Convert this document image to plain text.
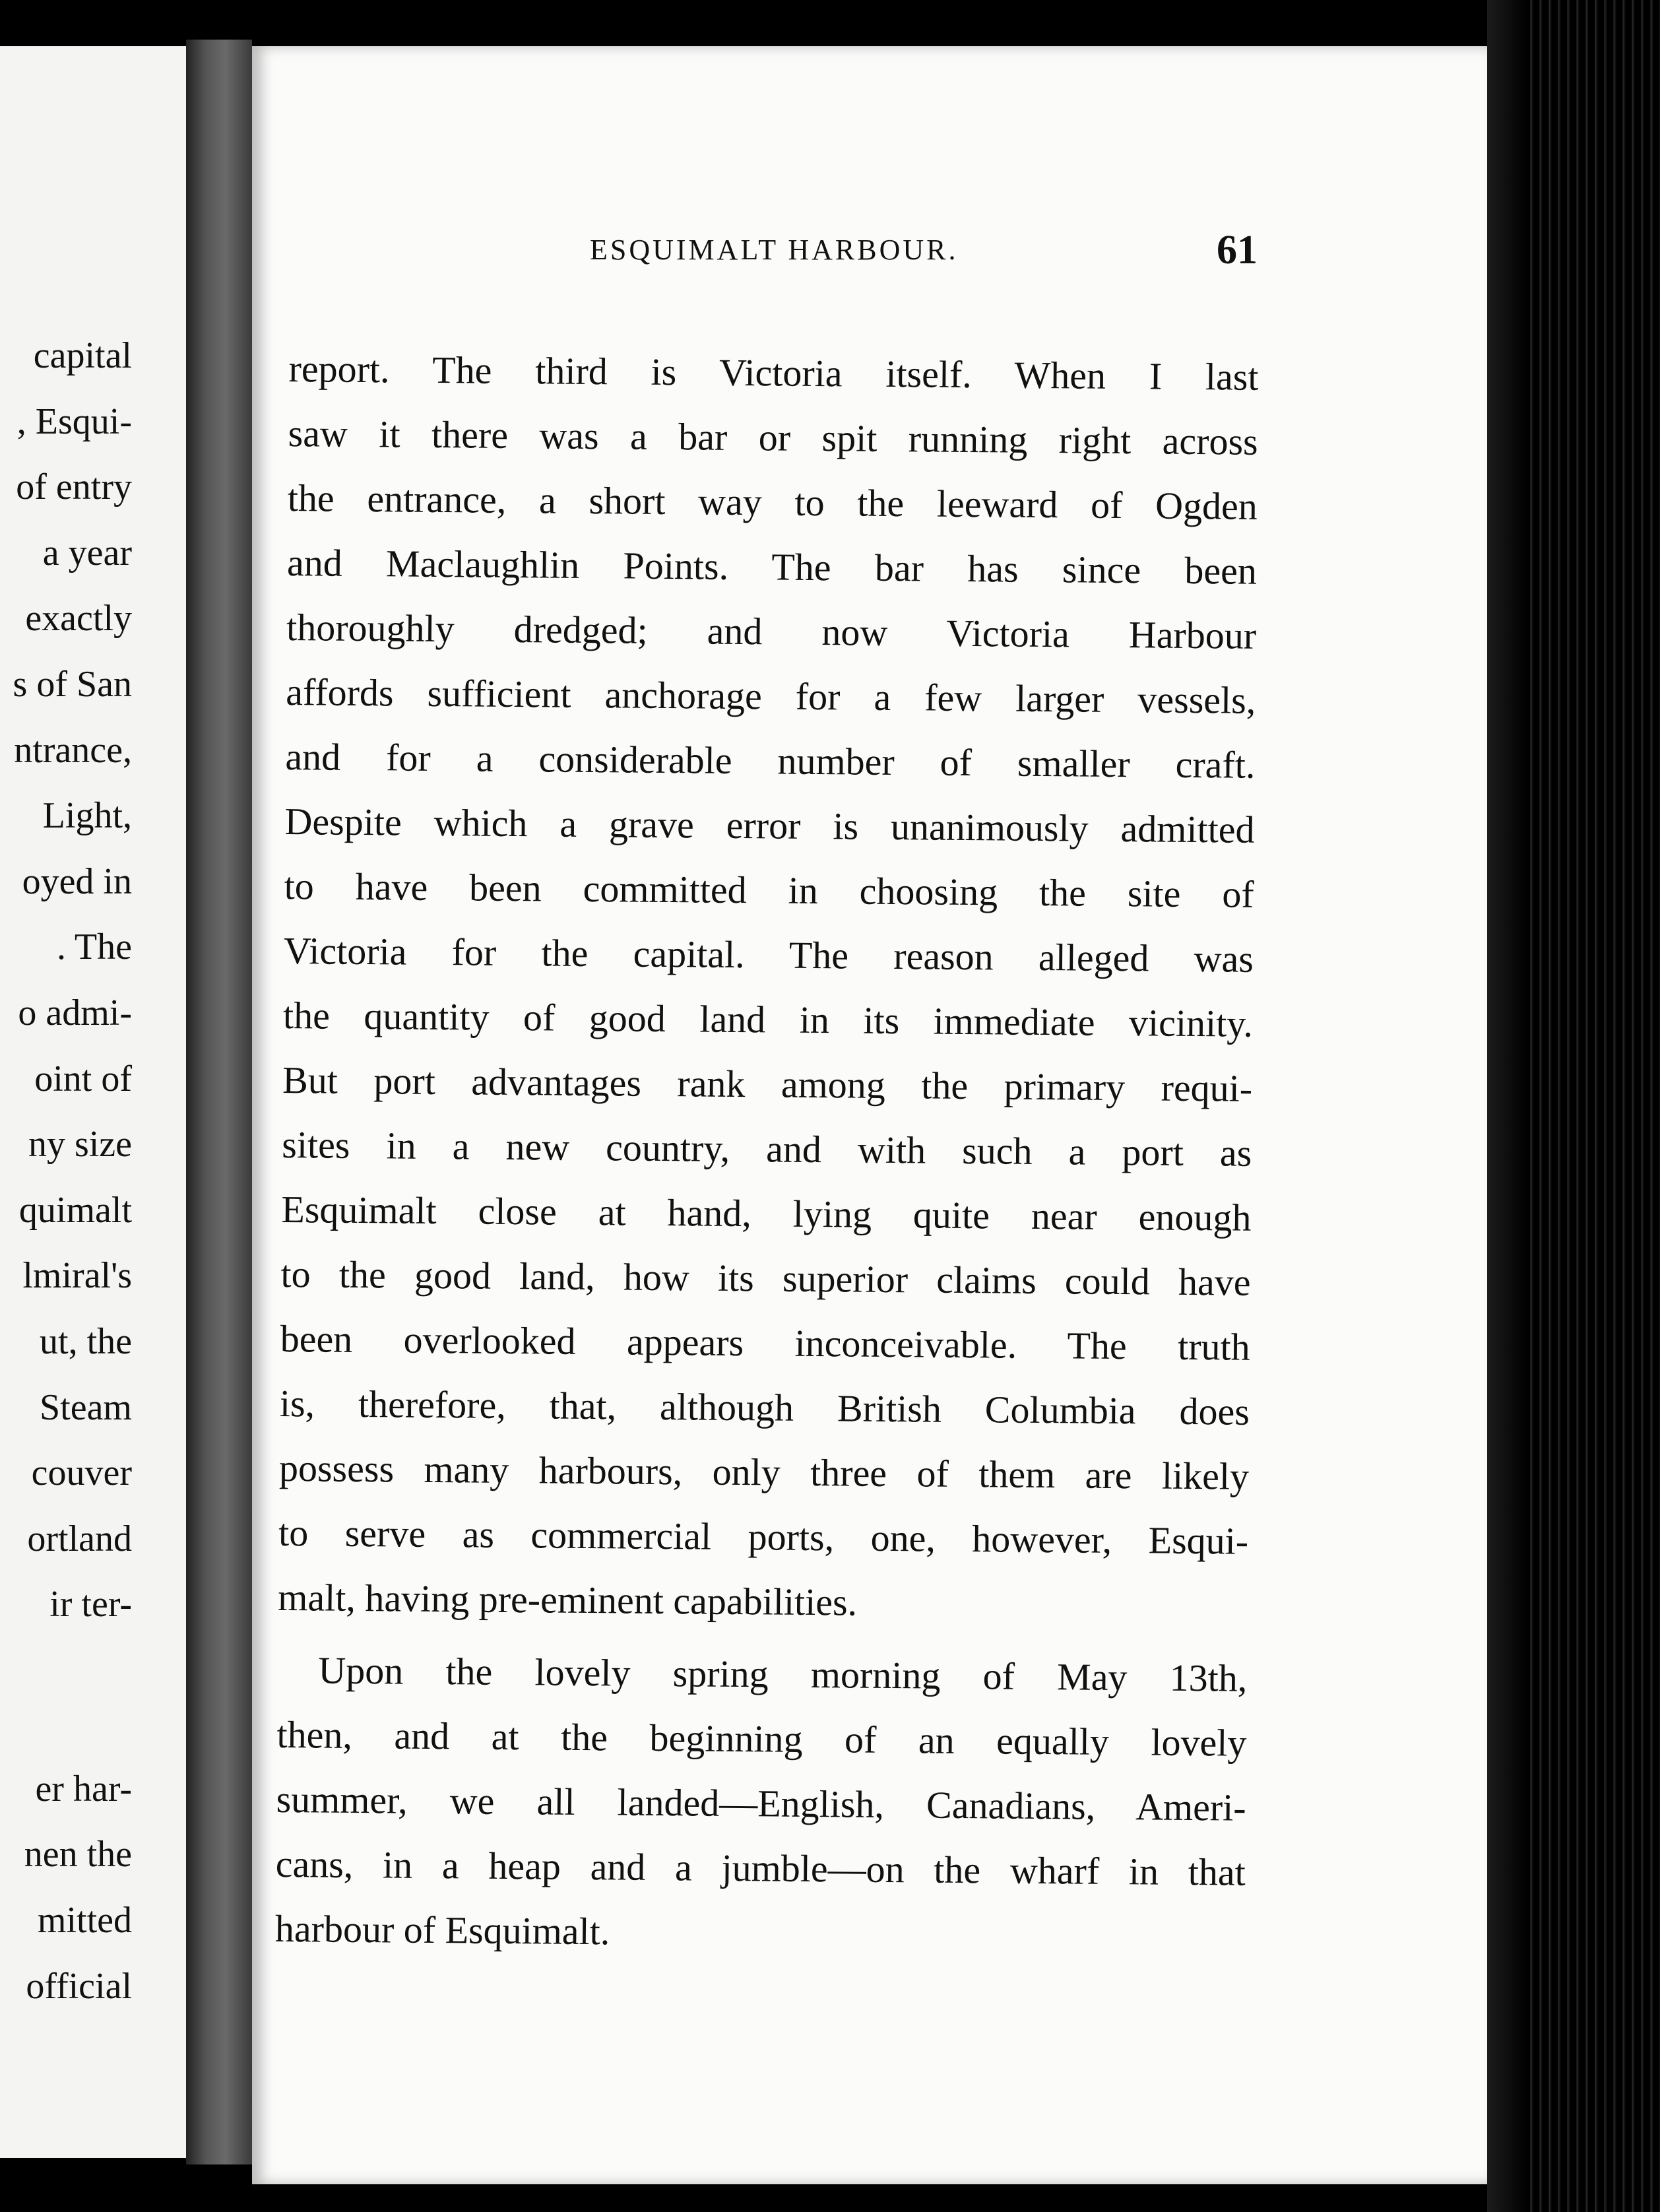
capital
, Esqui-
of entry
a year
exactly
s of San
ntrance,
Light,
oyed in
. The
o admi-
oint of
ny size
quimalt
lmiral's
ut, the
Steam
couver
ortland
ir ter-
er har-
nen the
mitted
official
ESQUIMALT HARBOUR.	61
report. The third is Victoria itself. When I last
saw it there was a bar or spit running right across
the entrance, a short way to the leeward of Ogden
and Maclaughlin Points. The bar has since been
thoroughly dredged; and now Victoria Harbour
affords sufficient anchorage for a few larger vessels,
and for a considerable number of smaller craft.
Despite which a grave error is unanimously admitted
to have been committed in choosing the site of
Victoria for the capital. The reason alleged was
the quantity of good land in its immediate vicinity.
But port advantages rank among the primary requi-
sites in a new country, and with such a port as
Esquimalt close at hand, lying quite near enough
to the good land, how its superior claims could have
been overlooked appears inconceivable. The truth
is, therefore, that, although British Columbia does
possess many harbours, only three of them are likely
to serve as commercial ports, one, however, Esqui-
malt, having pre-eminent capabilities.
Upon the lovely spring morning of May 13th,
then, and at the beginning of an equally lovely
summer, we all landed—English, Canadians, Ameri-
cans, in a heap and a jumble—on the wharf in that
harbour of Esquimalt.
